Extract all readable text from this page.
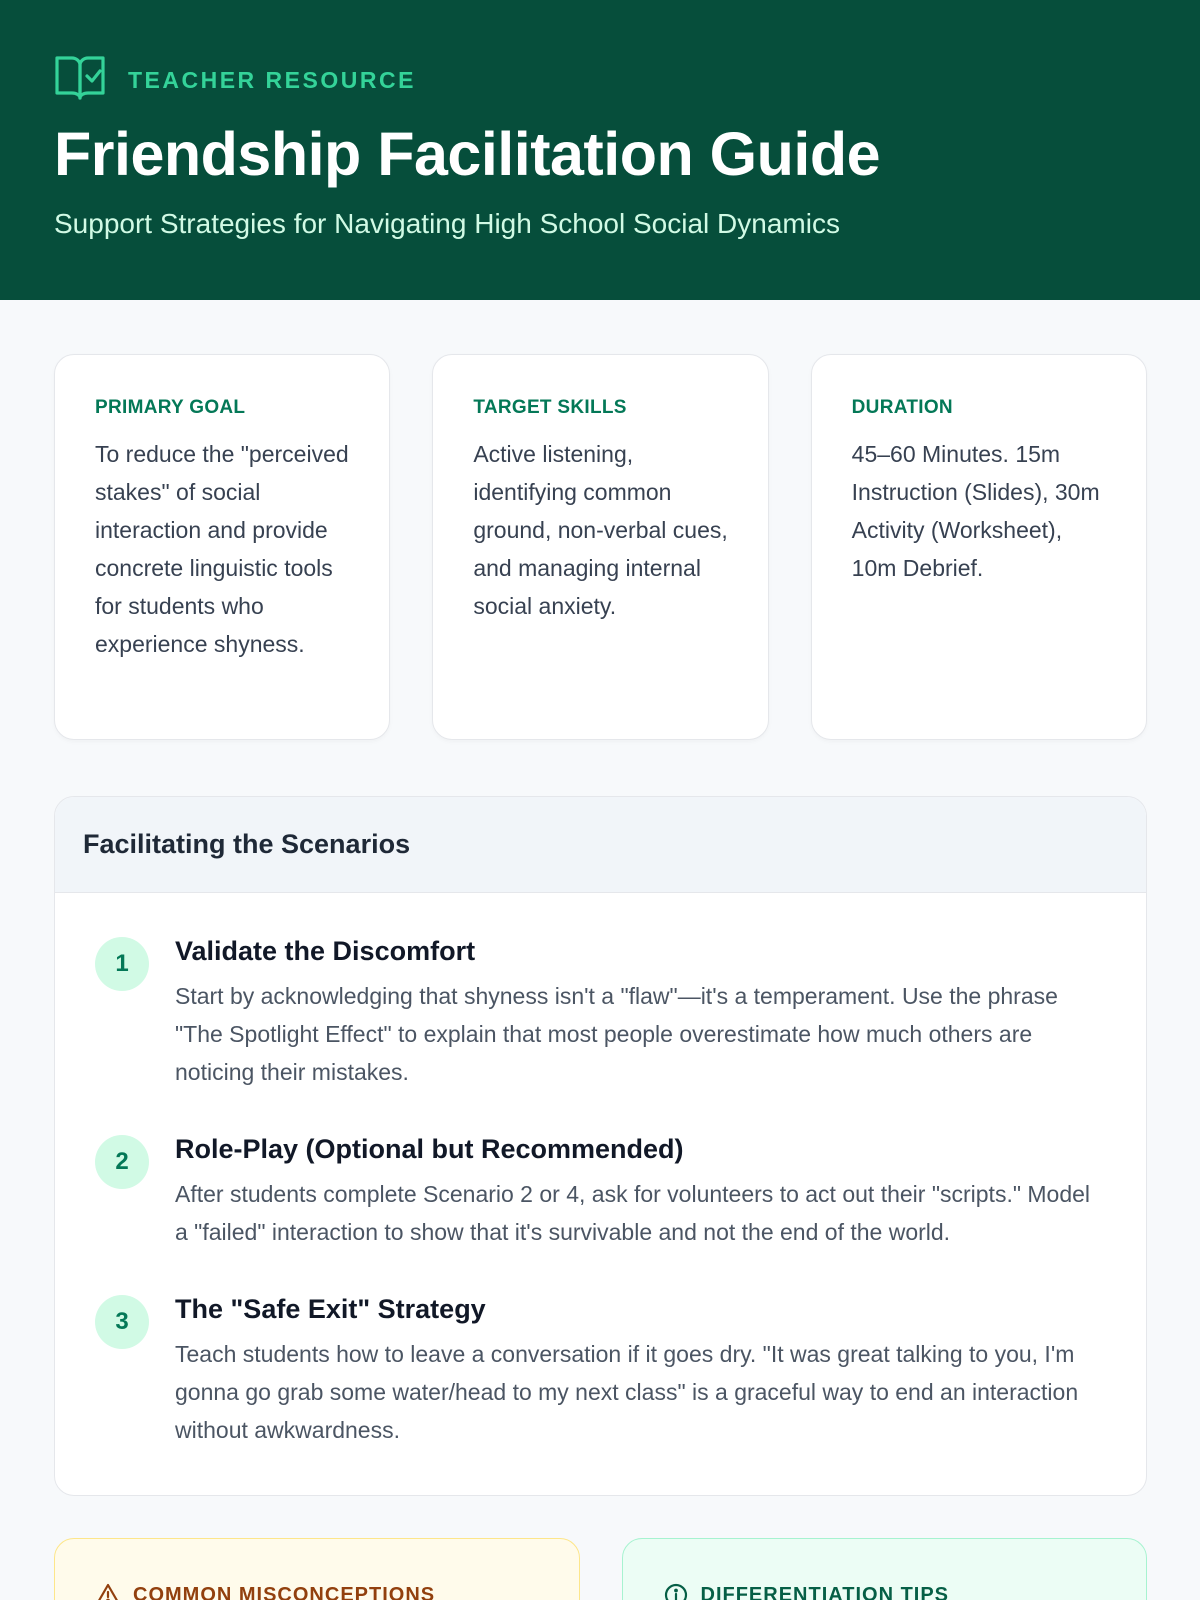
TEACHER RESOURCE
Friendship Facilitation Guide
Support Strategies for Navigating High School Social Dynamics
PRIMARY GOAL
To reduce the "perceived stakes" of social interaction and provide concrete linguistic tools for students who experience shyness.
TARGET SKILLS
Active listening, identifying common ground, non-verbal cues, and managing internal social anxiety.
DURATION
45–60 Minutes. 15m Instruction (Slides), 30m Activity (Worksheet), 10m Debrief.
Facilitating the Scenarios
1	Validate the Discomfort
Start by acknowledging that shyness isn't a "flaw"—it's a temperament. Use the phrase "The Spotlight Effect" to explain that most people overestimate how much others are noticing their mistakes.
2	Role-Play (Optional but Recommended)
After students complete Scenario 2 or 4, ask for volunteers to act out their "scripts." Model a "failed" interaction to show that it's survivable and not the end of the world.
3	The "Safe Exit" Strategy
Teach students how to leave a conversation if it goes dry. "It was great talking to you, I'm gonna go grab some water/head to my next class" is a graceful way to end an interaction without awkwardness.
COMMON MISCONCEPTIONS	DIFFERENTIATION TIPS
